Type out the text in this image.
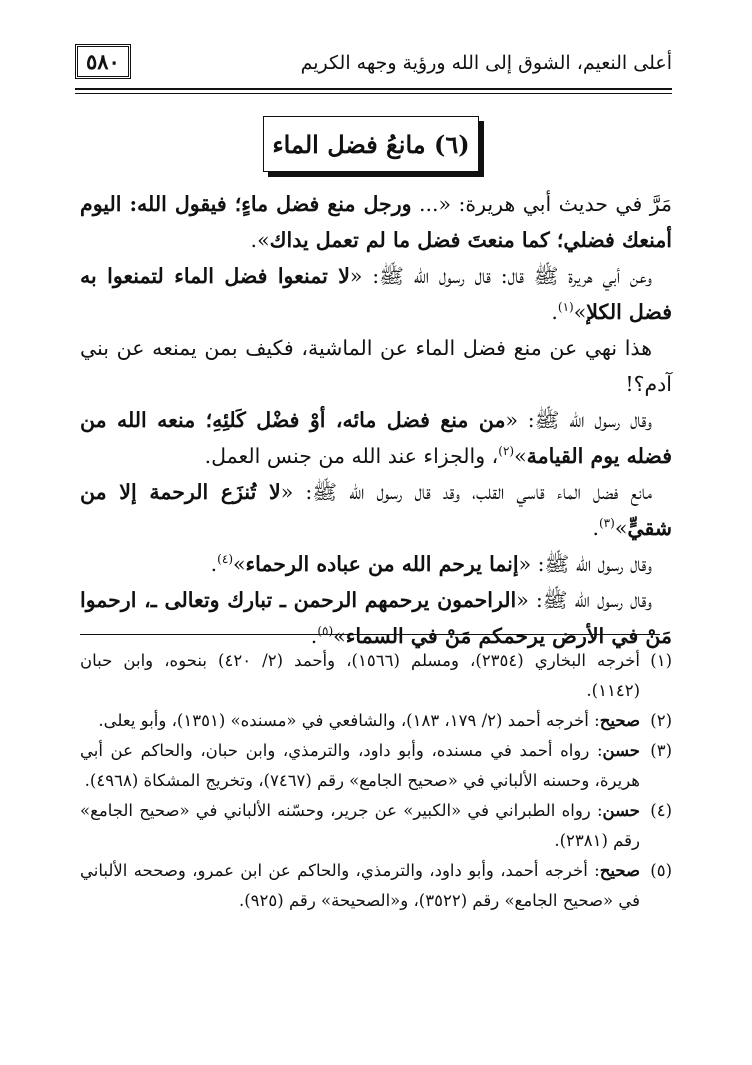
٥٨٠	أعلى النعيم، الشوق إلى الله ورؤية وجهه الكريم
(٦) مانعُ فضل الماء

مَرَّ في حديث أبي هريرة: «... ورجل منع فضل ماءٍ؛ فيقول الله: اليوم أمنعك فضلي؛ كما منعتَ فضل ما لم تعمل يداك».

وعن أبي هريرة ﷺ قال: قال رسول الله ﷺ: «لا تمنعوا فضل الماء لتمنعوا به فضل الكلإ»$^{(١)}$.

هذا نهي عن منع فضل الماء عن الماشية، فكيف بمن يمنعه عن بني آدم؟!

وقال رسول الله ﷺ: «من منع فضل مائه، أوْ فضْل كَلئِهِ؛ منعه الله من فضله يوم القيامة»$^{(٢)}$، والجزاء عند الله من جنس العمل.

مانع فضل الماء قاسي القلب، وقد قال رسول الله ﷺ: «لا تُنزَع الرحمة إلا من شقيٍّ»$^{(٣)}$.

وقال رسول الله ﷺ: «إنما يرحم الله من عباده الرحماء»$^{(٤)}$.

وقال رسول الله ﷺ: «الراحمون يرحمهم الرحمن ـ تبارك وتعالى ـ، ارحموا مَنْ في الأرض يرحمكم مَنْ في السماء»$^{(٥)}$.

(١)
أخرجه البخاري (٢٣٥٤)، ومسلم (١٥٦٦)، وأحمد (٢/ ٤٢٠) بنحوه، وابن حبان (١١٤٢).
(٢)
صحيح: أخرجه أحمد (٢/ ١٧٩، ١٨٣)، والشافعي في «مسنده» (١٣٥١)، وأبو يعلى.
(٣)
حسن: رواه أحمد في مسنده، وأبو داود، والترمذي، وابن حبان، والحاكم عن أبي هريرة، وحسنه الألباني في «صحيح الجامع» رقم (٧٤٦٧)، وتخريج المشكاة (٤٩٦٨).
(٤)
حسن: رواه الطبراني في «الكبير» عن جرير، وحسّنه الألباني في «صحيح الجامع» رقم (٢٣٨١).
(٥)
صحيح: أخرجه أحمد، وأبو داود، والترمذي، والحاكم عن ابن عمرو، وصححه الألباني في «صحيح الجامع» رقم (٣٥٢٢)، و«الصحيحة» رقم (٩٢٥).
